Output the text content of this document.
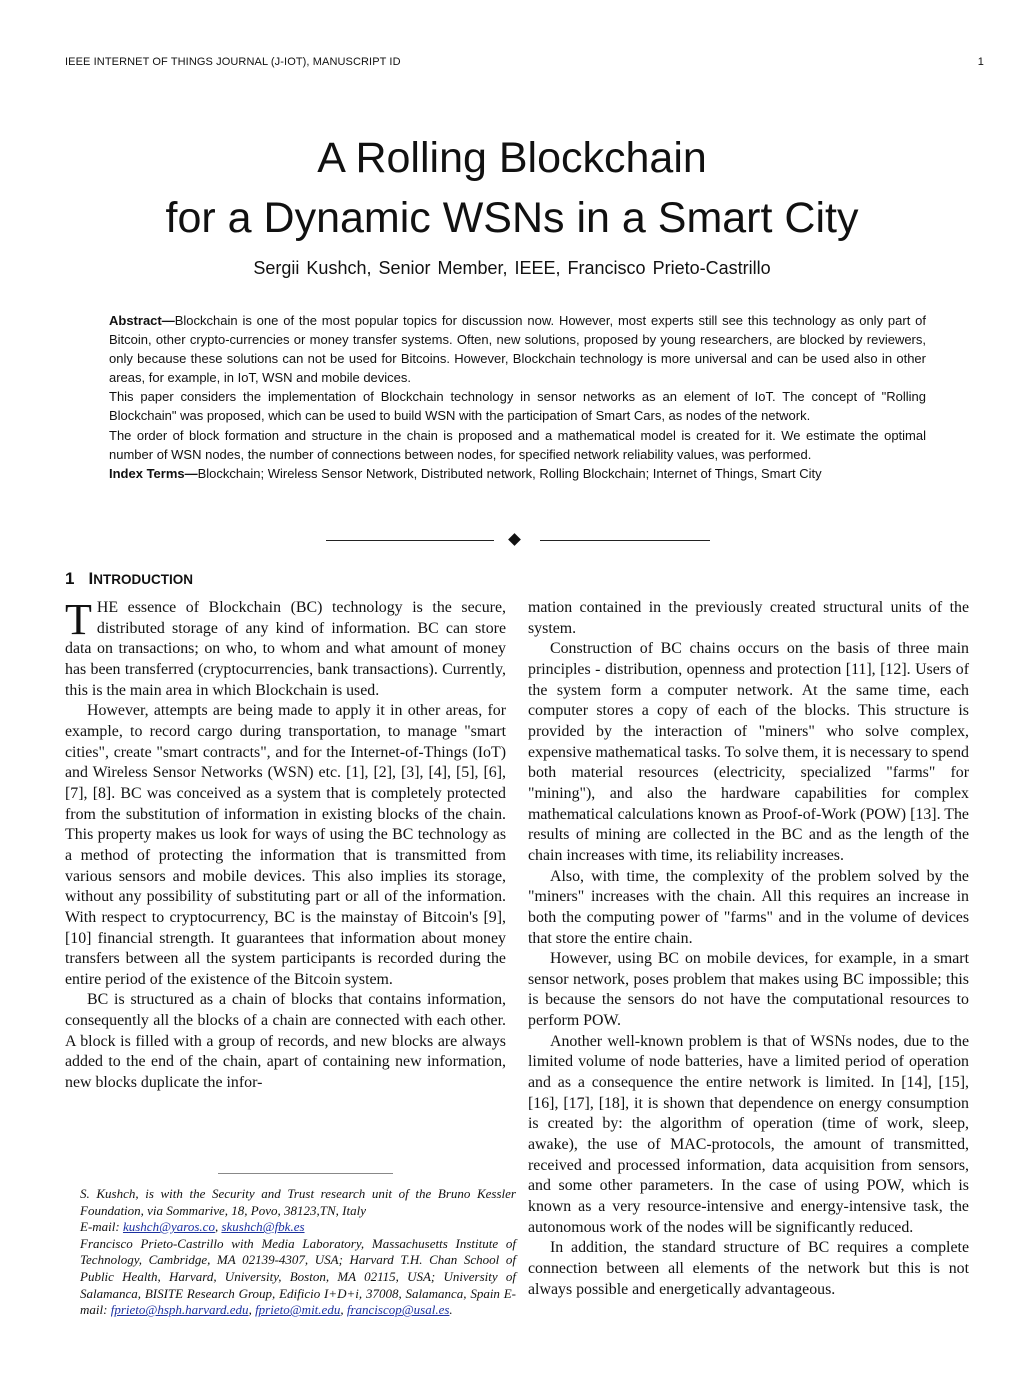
IEEE INTERNET OF THINGS JOURNAL (J-IOT), MANUSCRIPT ID	1
A Rolling Blockchain
for a Dynamic WSNs in a Smart City
Sergii Kushch, Senior Member, IEEE, Francisco Prieto-Castrillo

Abstract—Blockchain is one of the most popular topics for discussion now. However, most experts still see this technology as only part of Bitcoin, other crypto-currencies or money transfer systems. Often, new solutions, proposed by young researchers, are blocked by reviewers, only because these solutions can not be used for Bitcoins. However, Blockchain technology is more universal and can be used also in other areas, for example, in IoT, WSN and mobile devices.

This paper considers the implementation of Blockchain technology in sensor networks as an element of IoT. The concept of "Rolling Blockchain" was proposed, which can be used to build WSN with the participation of Smart Cars, as nodes of the network.

The order of block formation and structure in the chain is proposed and a mathematical model is created for it. We estimate the optimal number of WSN nodes, the number of connections between nodes, for specified network reliability values, was performed.

Index Terms—Blockchain; Wireless Sensor Network, Distributed network, Rolling Blockchain; Internet of Things, Smart City

1 INTRODUCTION

THE essence of Blockchain (BC) technology is the secure, distributed storage of any kind of information. BC can store data on transactions; on who, to whom and what amount of money has been transferred (cryptocurrencies, bank transactions). Currently, this is the main area in which Blockchain is used.

However, attempts are being made to apply it in other areas, for example, to record cargo during transportation, to manage "smart cities", create "smart contracts", and for the Internet-of-Things (IoT) and Wireless Sensor Networks (WSN) etc. [1], [2], [3], [4], [5], [6], [7], [8]. BC was conceived as a system that is completely protected from the substitution of information in existing blocks of the chain. This property makes us look for ways of using the BC technology as a method of protecting the information that is transmitted from various sensors and mobile devices. This also implies its storage, without any possibility of substituting part or all of the information. With respect to cryptocurrency, BC is the mainstay of Bitcoin's [9], [10] financial strength. It guarantees that information about money transfers between all the system participants is recorded during the entire period of the existence of the Bitcoin system.

BC is structured as a chain of blocks that contains information, consequently all the blocks of a chain are connected with each other. A block is filled with a group of records, and new blocks are always added to the end of the chain, apart of containing new information, new blocks duplicate the infor-

mation contained in the previously created structural units of the system.

Construction of BC chains occurs on the basis of three main principles - distribution, openness and protection [11], [12]. Users of the system form a computer network. At the same time, each computer stores a copy of each of the blocks. This structure is provided by the interaction of "miners" who solve complex, expensive mathematical tasks. To solve them, it is necessary to spend both material resources (electricity, specialized "farms" for "mining"), and also the hardware capabilities for complex mathematical calculations known as Proof-of-Work (POW) [13]. The results of mining are collected in the BC and as the length of the chain increases with time, its reliability increases.

Also, with time, the complexity of the problem solved by the "miners" increases with the chain. All this requires an increase in both the computing power of "farms" and in the volume of devices that store the entire chain.

However, using BC on mobile devices, for example, in a smart sensor network, poses problem that makes using BC impossible; this is because the sensors do not have the computational resources to perform POW.

Another well-known problem is that of WSNs nodes, due to the limited volume of node batteries, have a limited period of operation and as a consequence the entire network is limited. In [14], [15], [16], [17], [18], it is shown that dependence on energy consumption is created by: the algorithm of operation (time of work, sleep, awake), the use of MAC-protocols, the amount of transmitted, received and processed information, data acquisition from sensors, and some other parameters. In the case of using POW, which is known as a very resource-intensive and energy-intensive task, the autonomous work of the nodes will be significantly reduced.

In addition, the standard structure of BC requires a complete connection between all elements of the network but this is not always possible and energetically advantageous.

S. Kushch, is with the Security and Trust research unit of the Bruno Kessler Foundation, via Sommarive, 18, Povo, 38123,TN, Italy
E-mail: kushch@yaros.co, skushch@fbk.es

Francisco Prieto-Castrillo with Media Laboratory, Massachusetts Institute of Technology, Cambridge, MA 02139-4307, USA; Harvard T.H. Chan School of Public Health, Harvard, University, Boston, MA 02115, USA; University of Salamanca, BISITE Research Group, Edificio I+D+i, 37008, Salamanca, Spain E-mail: fprieto@hsph.harvard.edu, fprieto@mit.edu, franciscop@usal.es.
